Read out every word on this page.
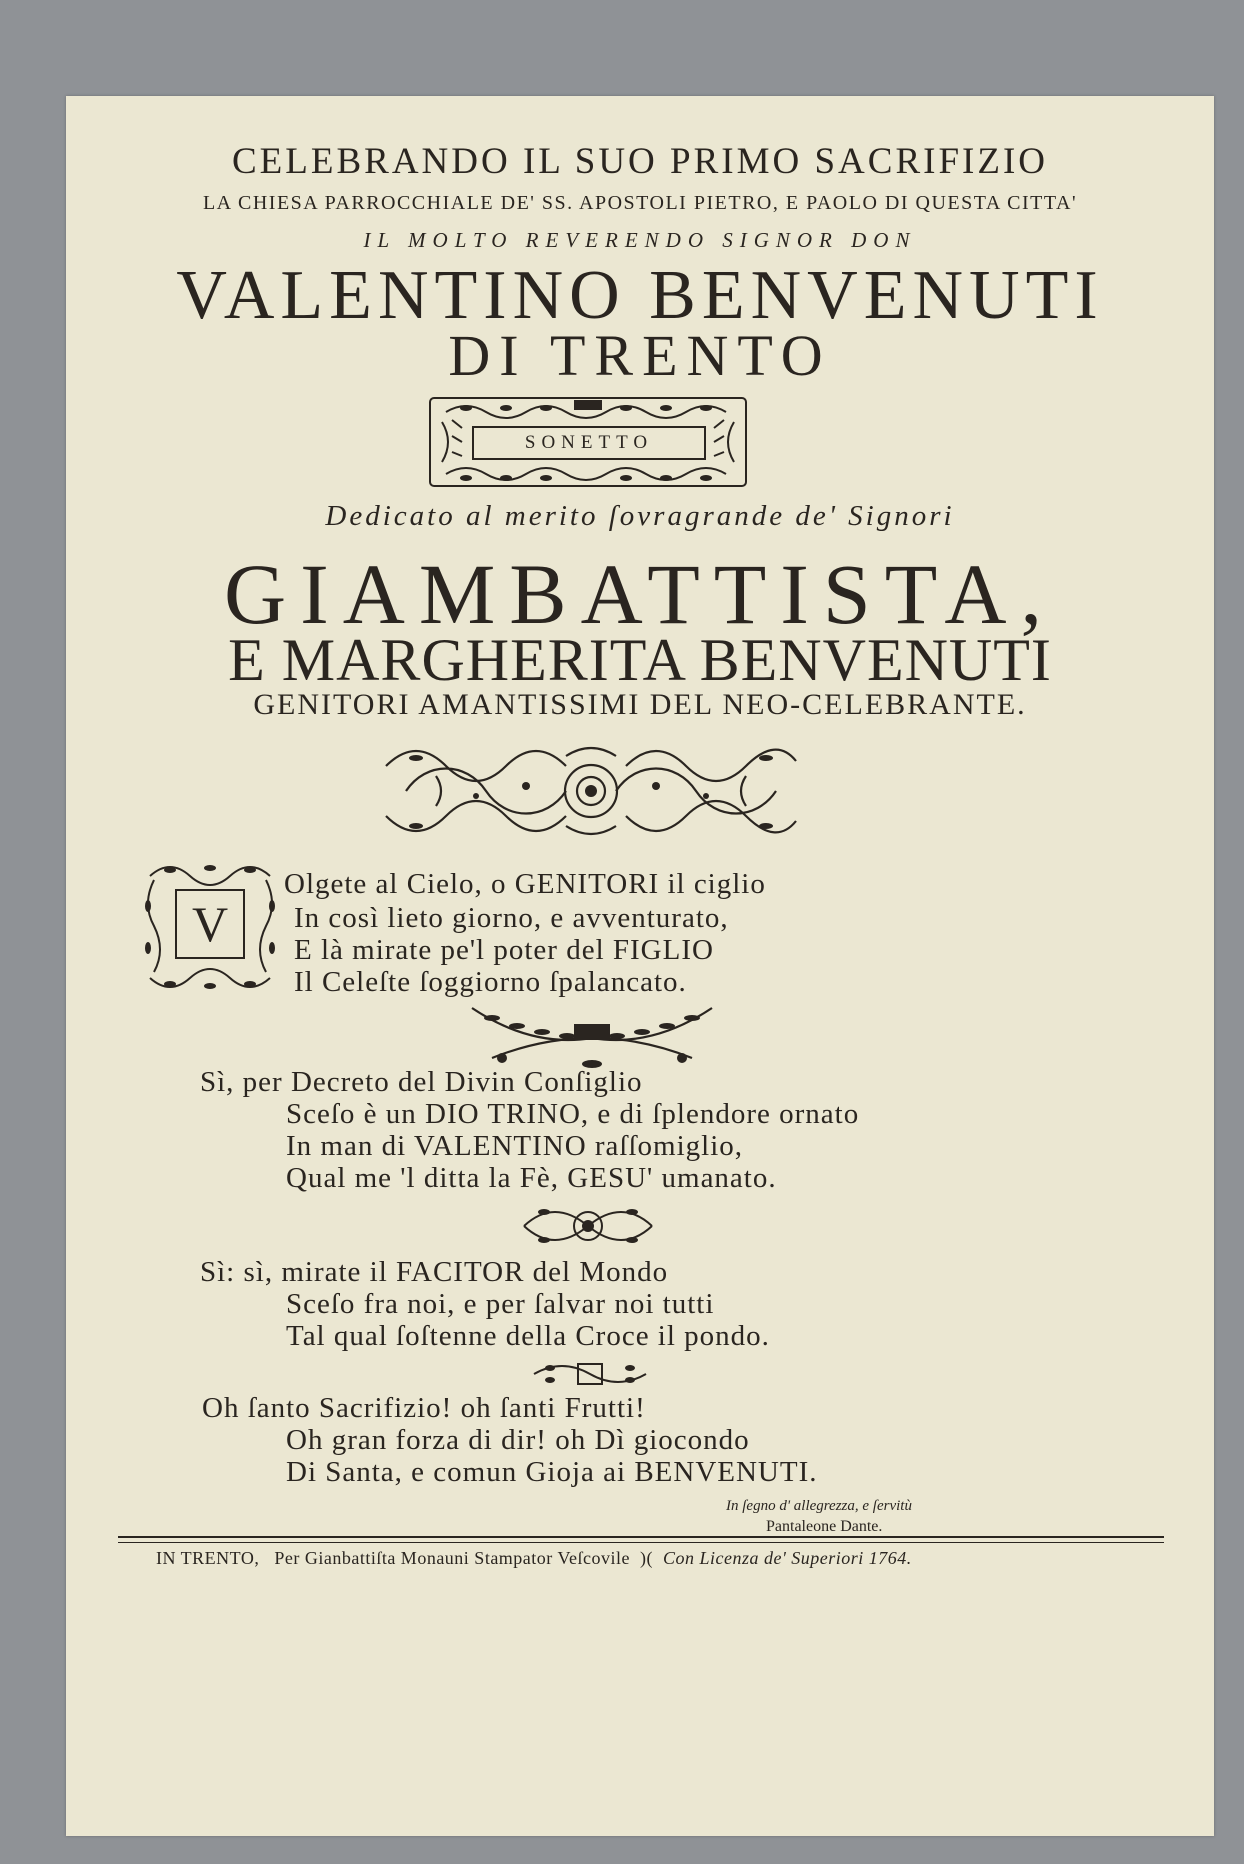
CELEBRANDO IL SUO PRIMO SACRIFIZIO
LA CHIESA PARROCCHIALE DE' SS. APOSTOLI PIETRO, E PAOLO DI QUESTA CITTA'
IL MOLTO REVERENDO SIGNOR DON
VALENTINO BENVENUTI
DI TRENTO
SONETTO
Dedicato al merito ſovragrande de' Signori
GIAMBATTISTA,
E MARGHERITA BENVENUTI
GENITORI AMANTISSIMI DEL NEO-CELEBRANTE.
V
Olgete al Cielo, o GENITORI il ciglio
In così lieto giorno, e avventurato,
E là mirate pe'l poter del FIGLIO
Il Celeſte ſoggiorno ſpalancato.
Sì, per Decreto del Divin Conſiglio
Sceſo è un DIO TRINO, e di ſplendore ornato
In man di VALENTINO raſſomiglio,
Qual me 'l ditta la Fè, GESU' umanato.
Sì: sì, mirate il FACITOR del Mondo
Sceſo fra noi, e per ſalvar noi tutti
Tal qual ſoſtenne della Croce il pondo.
Oh ſanto Sacrifizio! oh ſanti Frutti!
Oh gran forza di dir! oh Dì giocondo
Di Santa, e comun Gioja ai BENVENUTI.
In ſegno d' allegrezza, e ſervitù
Pantaleone Dante.
IN TRENTO, Per Gianbattiſta Monauni Stampator Veſcovile )( Con Licenza de' Superiori 1764.
